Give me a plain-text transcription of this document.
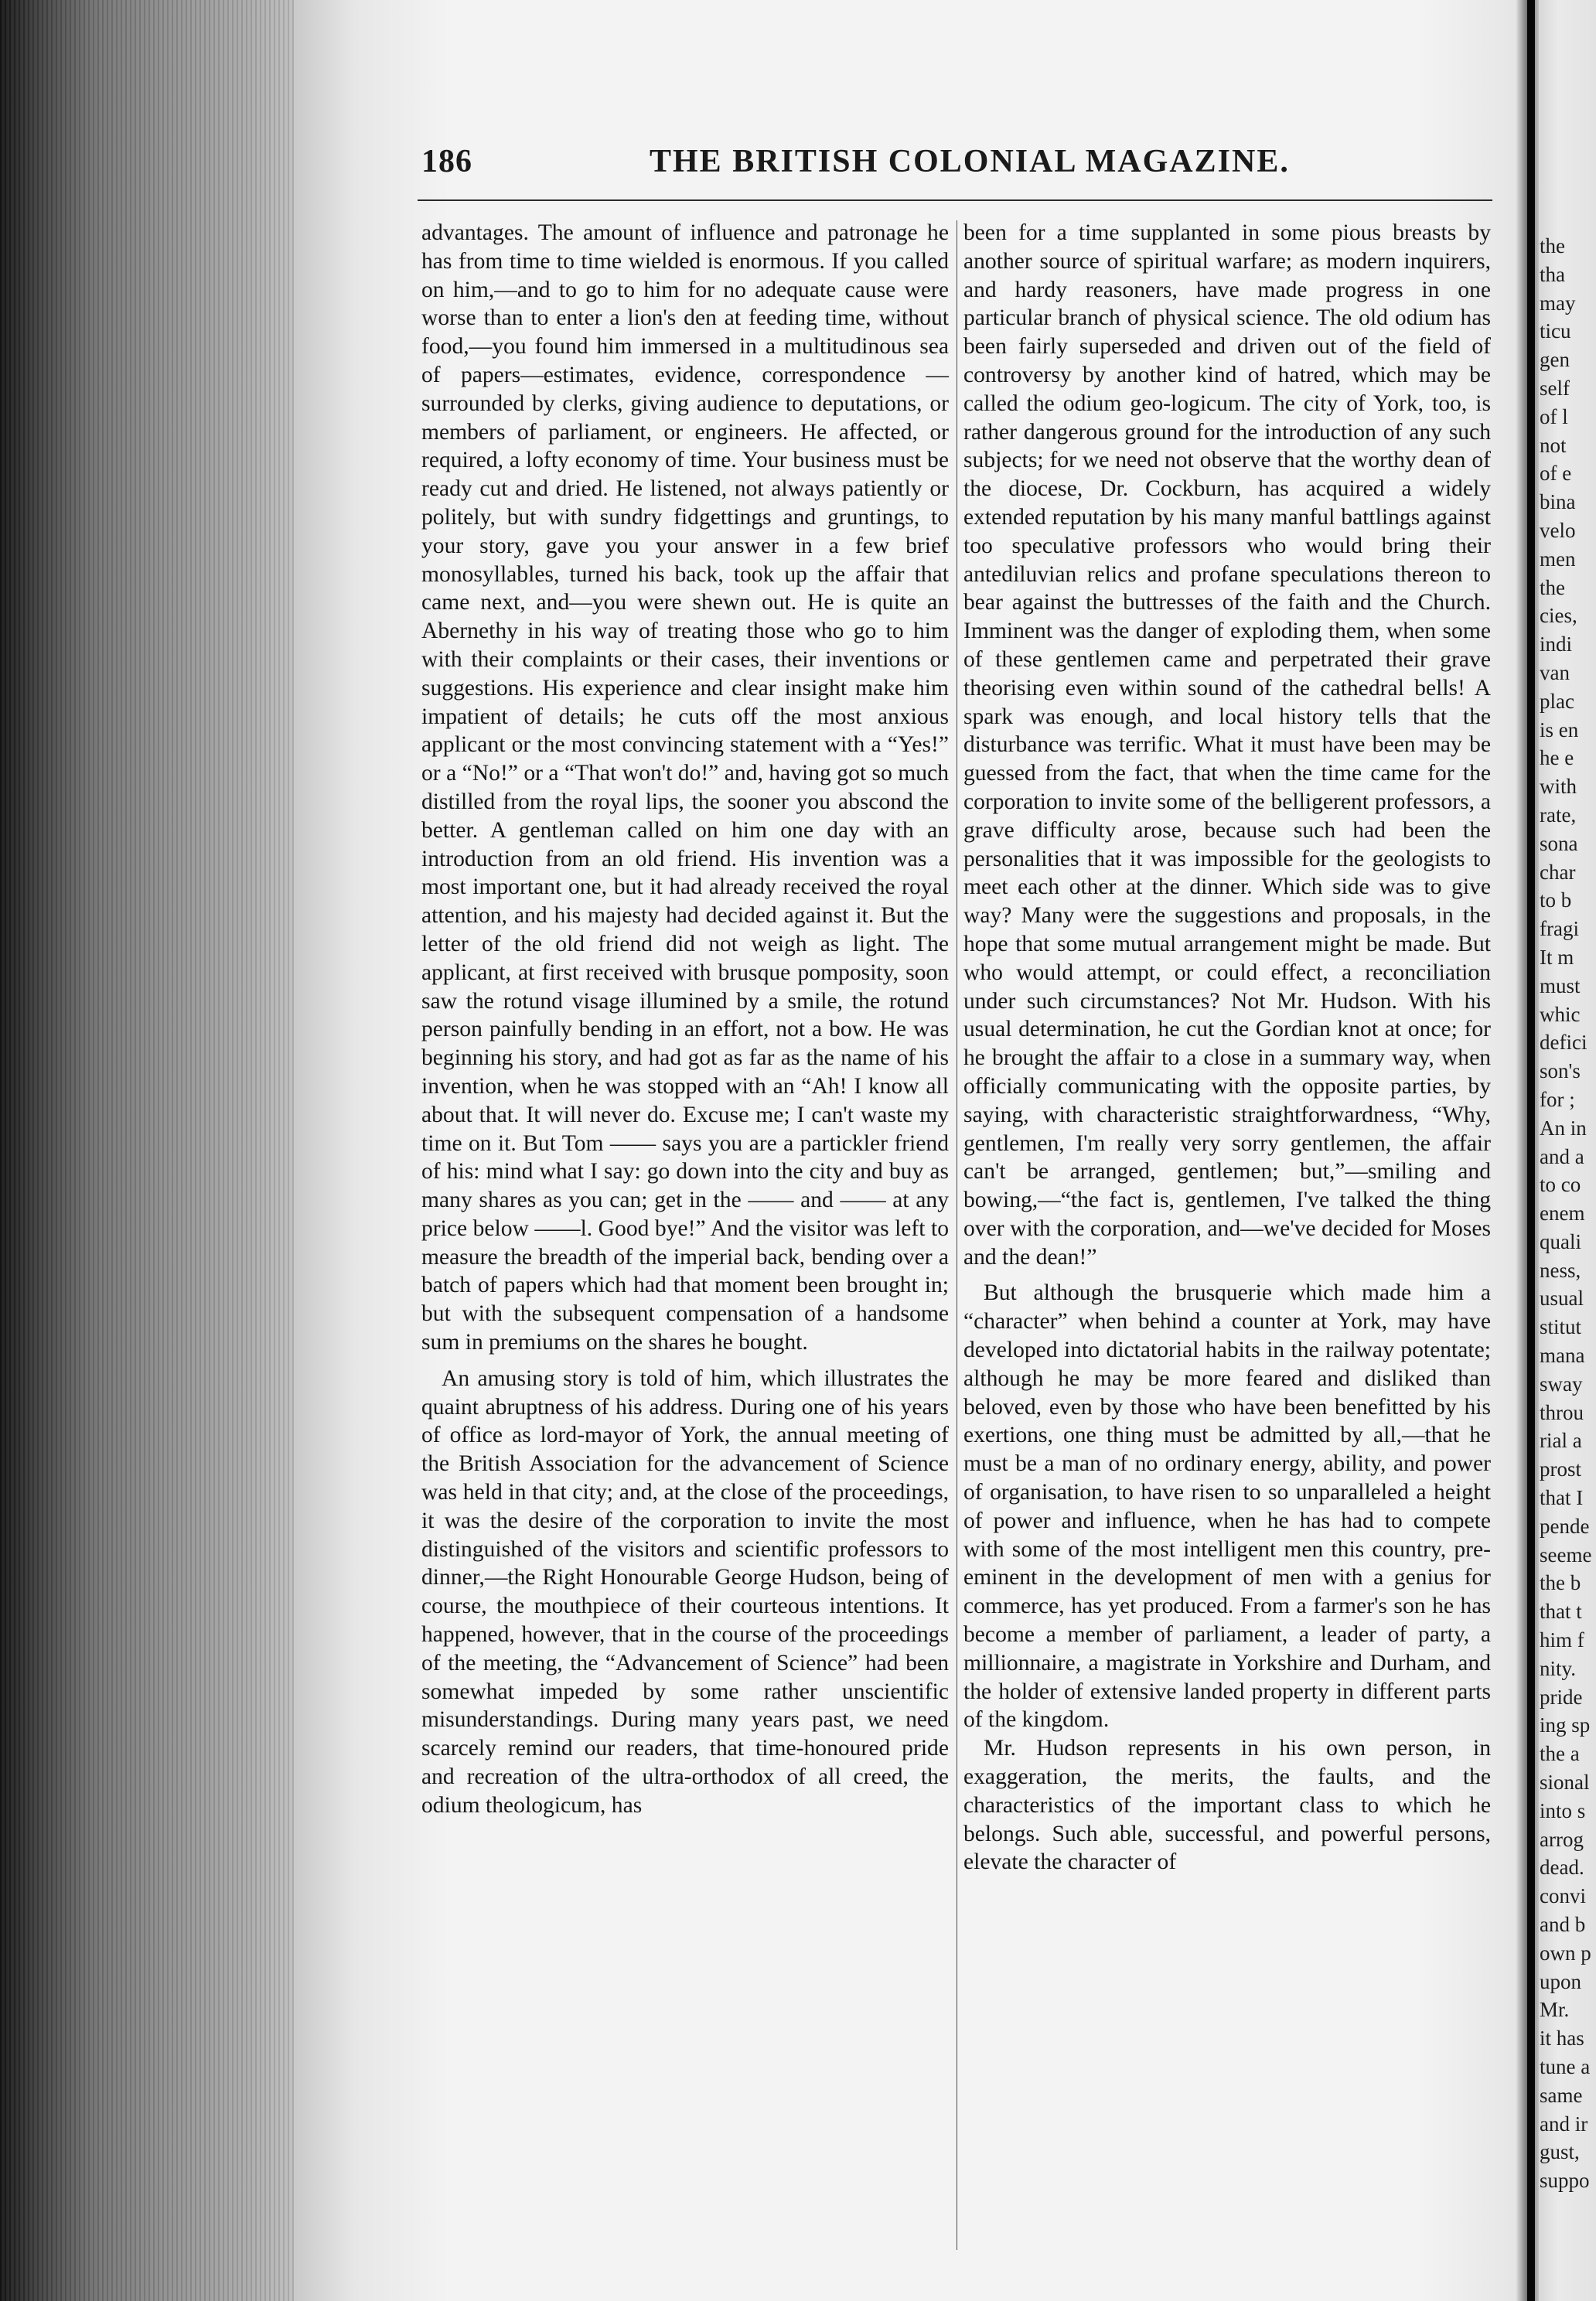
186	THE BRITISH COLONIAL MAGAZINE.

advantages. The amount of influence and patronage he has from time to time wielded is enormous. If you called on him,—and to go to him for no adequate cause were worse than to enter a lion's den at feeding time, without food,—you found him immersed in a multitudinous sea of papers—estimates, evidence, correspondence — surrounded by clerks, giving audience to deputations, or members of parliament, or engineers. He affected, or required, a lofty economy of time. Your business must be ready cut and dried. He listened, not always patiently or politely, but with sundry fidgettings and gruntings, to your story, gave you your answer in a few brief monosyllables, turned his back, took up the affair that came next, and—you were shewn out. He is quite an Abernethy in his way of treating those who go to him with their complaints or their cases, their inventions or suggestions. His experience and clear insight make him impatient of details; he cuts off the most anxious applicant or the most convincing statement with a “Yes!” or a “No!” or a “That won't do!” and, having got so much distilled from the royal lips, the sooner you abscond the better. A gentleman called on him one day with an introduction from an old friend. His invention was a most important one, but it had already received the royal attention, and his majesty had decided against it. But the letter of the old friend did not weigh as light. The applicant, at first received with brusque pomposity, soon saw the rotund visage illumined by a smile, the rotund person painfully bending in an effort, not a bow. He was beginning his story, and had got as far as the name of his invention, when he was stopped with an “Ah! I know all about that. It will never do. Excuse me; I can't waste my time on it. But Tom —— says you are a partickler friend of his: mind what I say: go down into the city and buy as many shares as you can; get in the —— and —— at any price below ——l. Good bye!” And the visitor was left to measure the breadth of the imperial back, bending over a batch of papers which had that moment been brought in; but with the subsequent compensation of a handsome sum in premiums on the shares he bought.

An amusing story is told of him, which illustrates the quaint abruptness of his address. During one of his years of office as lord-mayor of York, the annual meeting of the British Association for the advancement of Science was held in that city; and, at the close of the proceedings, it was the desire of the corporation to invite the most distinguished of the visitors and scientific professors to dinner,—the Right Honourable George Hudson, being of course, the mouthpiece of their courteous intentions. It happened, however, that in the course of the proceedings of the meeting, the “Advancement of Science” had been somewhat impeded by some rather unscientific misunderstandings. During many years past, we need scarcely remind our readers, that time-honoured pride and recreation of the ultra-orthodox of all creed, the odium theologicum, has

been for a time supplanted in some pious breasts by another source of spiritual warfare; as modern inquirers, and hardy reasoners, have made progress in one particular branch of physical science. The old odium has been fairly superseded and driven out of the field of controversy by another kind of hatred, which may be called the odium geo-logicum. The city of York, too, is rather dangerous ground for the introduction of any such subjects; for we need not observe that the worthy dean of the diocese, Dr. Cockburn, has acquired a widely extended reputation by his many manful battlings against too speculative professors who would bring their antediluvian relics and profane speculations thereon to bear against the buttresses of the faith and the Church. Imminent was the danger of exploding them, when some of these gentlemen came and perpetrated their grave theorising even within sound of the cathedral bells! A spark was enough, and local history tells that the disturbance was terrific. What it must have been may be guessed from the fact, that when the time came for the corporation to invite some of the belligerent professors, a grave difficulty arose, because such had been the personalities that it was impossible for the geologists to meet each other at the dinner. Which side was to give way? Many were the suggestions and proposals, in the hope that some mutual arrangement might be made. But who would attempt, or could effect, a reconciliation under such circumstances? Not Mr. Hudson. With his usual determination, he cut the Gordian knot at once; for he brought the affair to a close in a summary way, when officially communicating with the opposite parties, by saying, with characteristic straightforwardness, “Why, gentlemen, I'm really very sorry gentlemen, the affair can't be arranged, gentlemen; but,”—smiling and bowing,—“the fact is, gentlemen, I've talked the thing over with the corporation, and—we've decided for Moses and the dean!”

But although the brusquerie which made him a “character” when behind a counter at York, may have developed into dictatorial habits in the railway potentate; although he may be more feared and disliked than beloved, even by those who have been benefitted by his exertions, one thing must be admitted by all,—that he must be a man of no ordinary energy, ability, and power of organisation, to have risen to so unparalleled a height of power and influence, when he has had to compete with some of the most intelligent men this country, pre-eminent in the development of men with a genius for commerce, has yet produced. From a farmer's son he has become a member of parliament, a leader of party, a millionnaire, a magistrate in Yorkshire and Durham, and the holder of extensive landed property in different parts of the kingdom.

Mr. Hudson represents in his own person, in exaggeration, the merits, the faults, and the characteristics of the important class to which he belongs. Such able, successful, and powerful persons, elevate the character of

the
tha
may
ticu
gen
self
of l
not
of e
bina
velo
men
the
cies,
indi
van
plac
is en
he e
with
rate,
sona
char
to b
fragi
It m
must
whic
defici
son's
for ;
An in
and a
to co
enem
quali
ness,
usual
stitut
mana
sway
throu
rial a
prost
that I
pende
seeme
the b
that t
him f
nity.
pride
ing sp
the a
sional
into s
arrog
dead.
convi
and b
own p
upon
Mr.
it has
tune a
same
and ir
gust,
suppo
